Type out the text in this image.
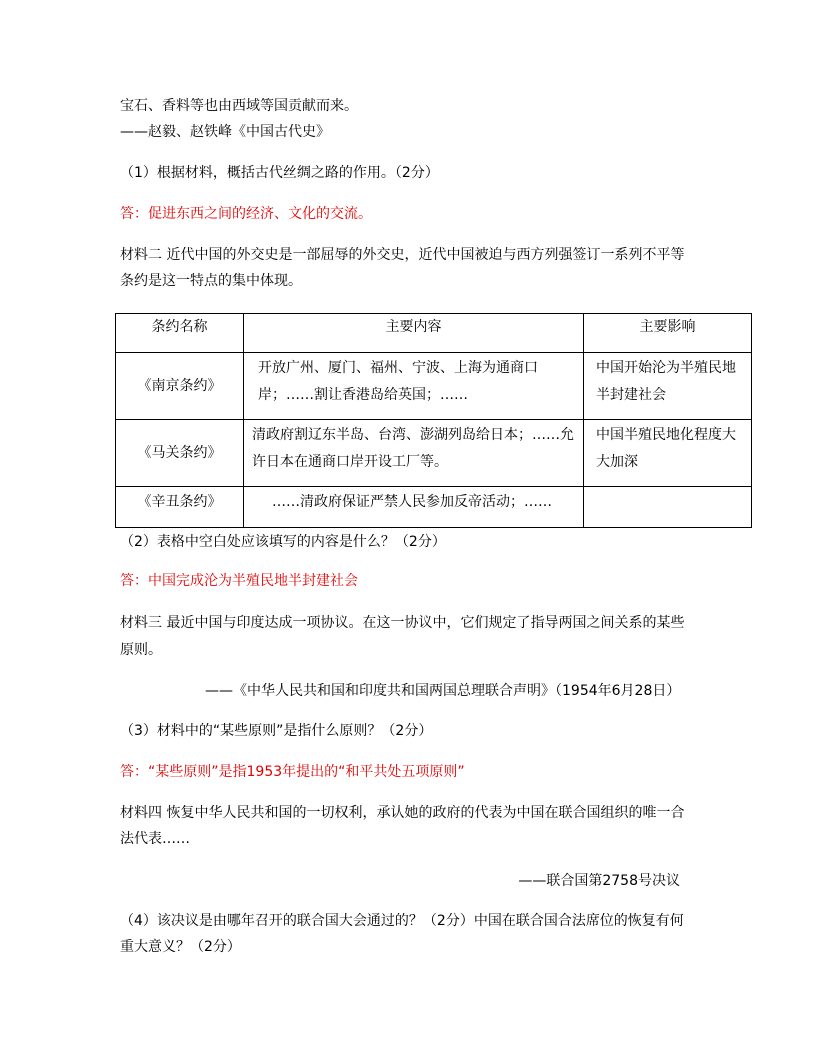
宝石、香料等也由西域等国贡献而来。
——赵毅、赵铁峰《中国古代史》
（1）根据材料，概括古代丝绸之路的作用。（2分）
答：促进东西之间的经济、文化的交流。
材料二 近代中国的外交史是一部屈辱的外交史，近代中国被迫与西方列强签订一系列不平等
条约是这一特点的集中体现。
条约名称	主要内容	主要影响
《南京条约》	开放广州、厦门、福州、宁波、上海为通商口岸；……割让香港岛给英国；……	中国开始沦为半殖民地半封建社会
《马关条约》	清政府割辽东半岛、台湾、澎湖列岛给日本；……允许日本在通商口岸开设工厂等。	中国半殖民地化程度大大加深
《辛丑条约》	……清政府保证严禁人民参加反帝活动；……	
（2）表格中空白处应该填写的内容是什么？（2分）
答：中国完成沦为半殖民地半封建社会
材料三 最近中国与印度达成一项协议。在这一协议中，它们规定了指导两国之间关系的某些
原则。
——《中华人民共和国和印度共和国两国总理联合声明》（1954年6月28日）
（3）材料中的“某些原则”是指什么原则？（2分）
答：“某些原则”是指1953年提出的“和平共处五项原则”
材料四 恢复中华人民共和国的一切权利，承认她的政府的代表为中国在联合国组织的唯一合
法代表……
——联合国第2758号决议
（4）该决议是由哪年召开的联合国大会通过的？（2分）中国在联合国合法席位的恢复有何
重大意义？（2分）
